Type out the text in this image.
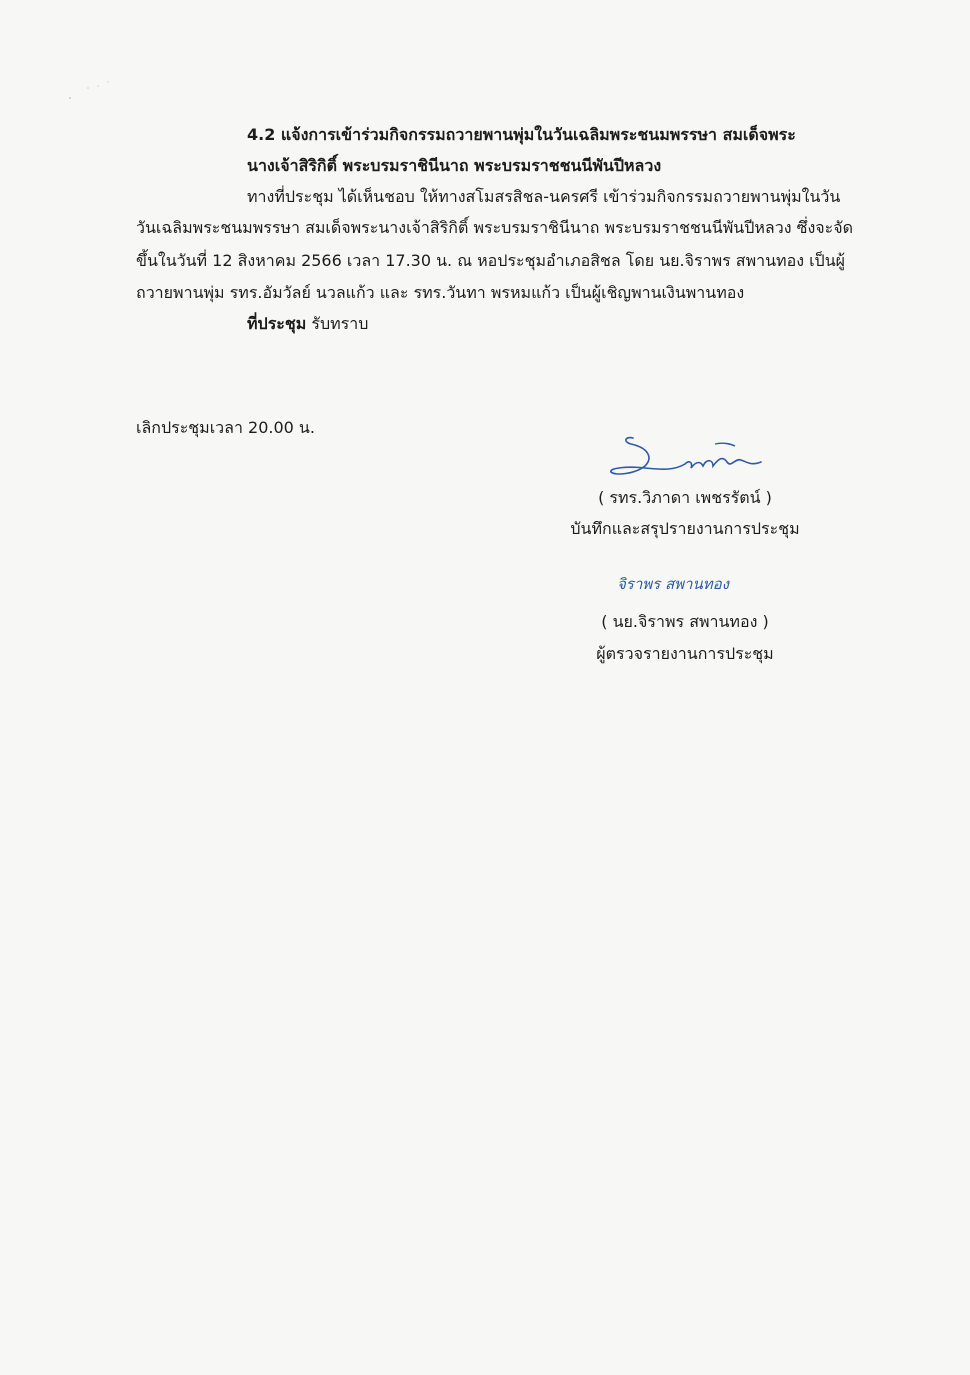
4.2 แจ้งการเข้าร่วมกิจกรรมถวายพานพุ่มในวันเฉลิมพระชนมพรรษา สมเด็จพระ
นางเจ้าสิริกิติ์ พระบรมราชินีนาถ พระบรมราชชนนีพันปีหลวง
ทางที่ประชุม ได้เห็นชอบ ให้ทางสโมสรสิชล-นครศรี เข้าร่วมกิจกรรมถวายพานพุ่มในวัน
วันเฉลิมพระชนมพรรษา สมเด็จพระนางเจ้าสิริกิติ์ พระบรมราชินีนาถ พระบรมราชชนนีพันปีหลวง ซึ่งจะจัด
ขึ้นในวันที่ 12 สิงหาคม 2566 เวลา 17.30 น. ณ หอประชุมอำเภอสิชล โดย นย.จิราพร สพานทอง เป็นผู้
ถวายพานพุ่ม รทร.อัมวัลย์ นวลแก้ว และ รทร.วันทา พรหมแก้ว เป็นผู้เชิญพานเงินพานทอง
ที่ประชุม รับทราบ
เลิกประชุมเวลา 20.00 น.
( รทร.วิภาดา เพชรรัตน์ )
บันทึกและสรุปรายงานการประชุม
จิราพร สพานทอง
( นย.จิราพร สพานทอง )
ผู้ตรวจรายงานการประชุม
